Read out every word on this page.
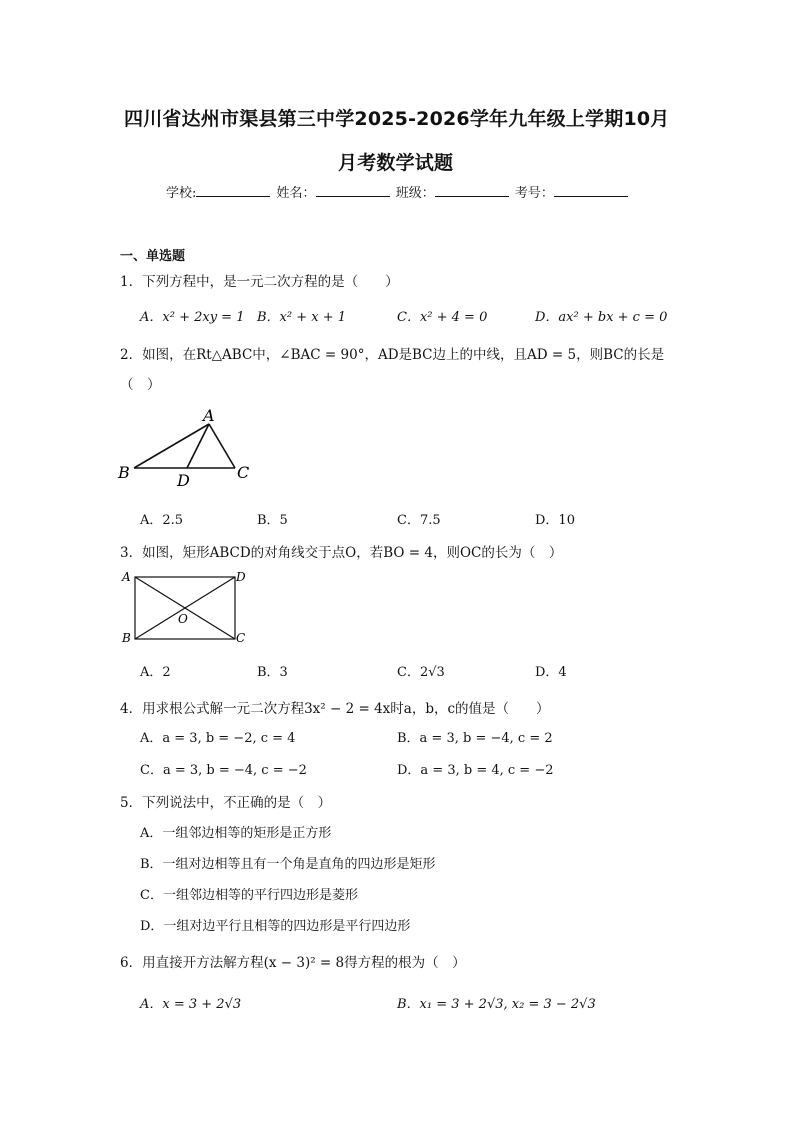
四川省达州市渠县第三中学2025-2026学年九年级上学期10月
月考数学试题
学校:	姓名：	班级：	考号：
一、单选题
1．下列方程中，是一元二次方程的是（　　）
A．x² + 2xy = 1 B．x² + x + 1	C．x² + 4 = 0	D．ax² + bx + c = 0
2．如图，在Rt△ABC中，∠BAC = 90°，AD是BC边上的中线，且AD = 5，则BC的长是
（　）
A
B	C
D
A．2.5	B．5	C．7.5	D．10
3．如图，矩形ABCD的对角线交于点O，若BO = 4，则OC的长为（　）
A	D
B	C
O
A．2	B．3	C．2√3	D．4
4．用求根公式解一元二次方程3x² − 2 = 4x时a，b，c的值是（　　）
A．a = 3, b = −2, c = 4	B．a = 3, b = −4, c = 2
C．a = 3, b = −4, c = −2	D．a = 3, b = 4, c = −2
5．下列说法中，不正确的是（　）
A．一组邻边相等的矩形是正方形
B．一组对边相等且有一个角是直角的四边形是矩形
C．一组邻边相等的平行四边形是菱形
D．一组对边平行且相等的四边形是平行四边形
6．用直接开方法解方程(x − 3)² = 8得方程的根为（　）
A．x = 3 + 2√3	B．x₁ = 3 + 2√3, x₂ = 3 − 2√3
